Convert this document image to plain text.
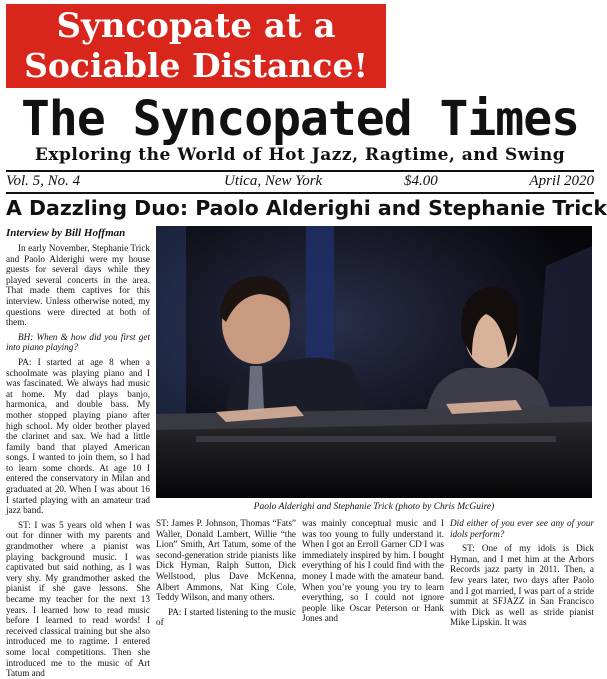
Syncopate at a
Sociable Distance!
The Syncopated Times
Exploring the World of Hot Jazz, Ragtime, and Swing
Vol. 5, No. 4	Utica, New York	$4.00	April 2020
A Dazzling Duo: Paolo Alderighi and Stephanie Trick
Interview by Bill Hoffman

In early November, Stephanie Trick and Paolo Alderighi were my house guests for several days while they played several concerts in the area. That made them captives for this interview. Unless otherwise noted, my questions were directed at both of them.

BH: When & how did you first get into piano playing?

PA: I started at age 8 when a schoolmate was playing piano and I was fascinated. We always had music at home. My dad plays banjo, harmonica, and double bass. My mother stopped playing piano after high school. My older brother played the clarinet and sax. We had a little family band that played American songs. I wanted to join them, so I had to learn some chords. At age 10 I entered the conservatory in Milan and graduated at 20. When I was about 16 I started playing with an amateur trad jazz band.

ST: I was 5 years old when I was out for dinner with my parents and grandmother where a pianist was playing background music. I was captivated but said nothing, as I was very shy. My grandmother asked the pianist if she gave lessons. She became my teacher for the next 13 years. I learned how to read music before I learned to read words! I received classical training but she also introduced me to ragtime. I entered some local competitions. Then she introduced me to the music of Art Tatum and

Paolo Alderighi and Stephanie Trick (photo by Chris McGuire)

ST: James P. Johnson, Thomas “Fats” Waller, Donald Lambert, Willie “the Lion” Smith, Art Tatum, some of the second-generation stride pianists like Dick Hyman, Ralph Sutton, Dick Wellstood, plus Dave McKenna, Albert Ammons, Nat King Cole, Teddy Wilson, and many others.

PA: I started listening to the music of

was mainly conceptual music and I was too young to fully understand it. When I got an Erroll Garner CD I was immediately inspired by him. I bought everything of his I could find with the money I made with the amateur band. When you’re young you try to learn everything, so I could not ignore people like Oscar Peterson or Hank Jones and

Did either of you ever see any of your idols perform?

ST: One of my idols is Dick Hyman, and I met him at the Arbors Records jazz party in 2011. Then, a few years later, two days after Paolo and I got married, I was part of a stride summit at SFJAZZ in San Francisco with Dick as well as stride pianist Mike Lipskin. It was
